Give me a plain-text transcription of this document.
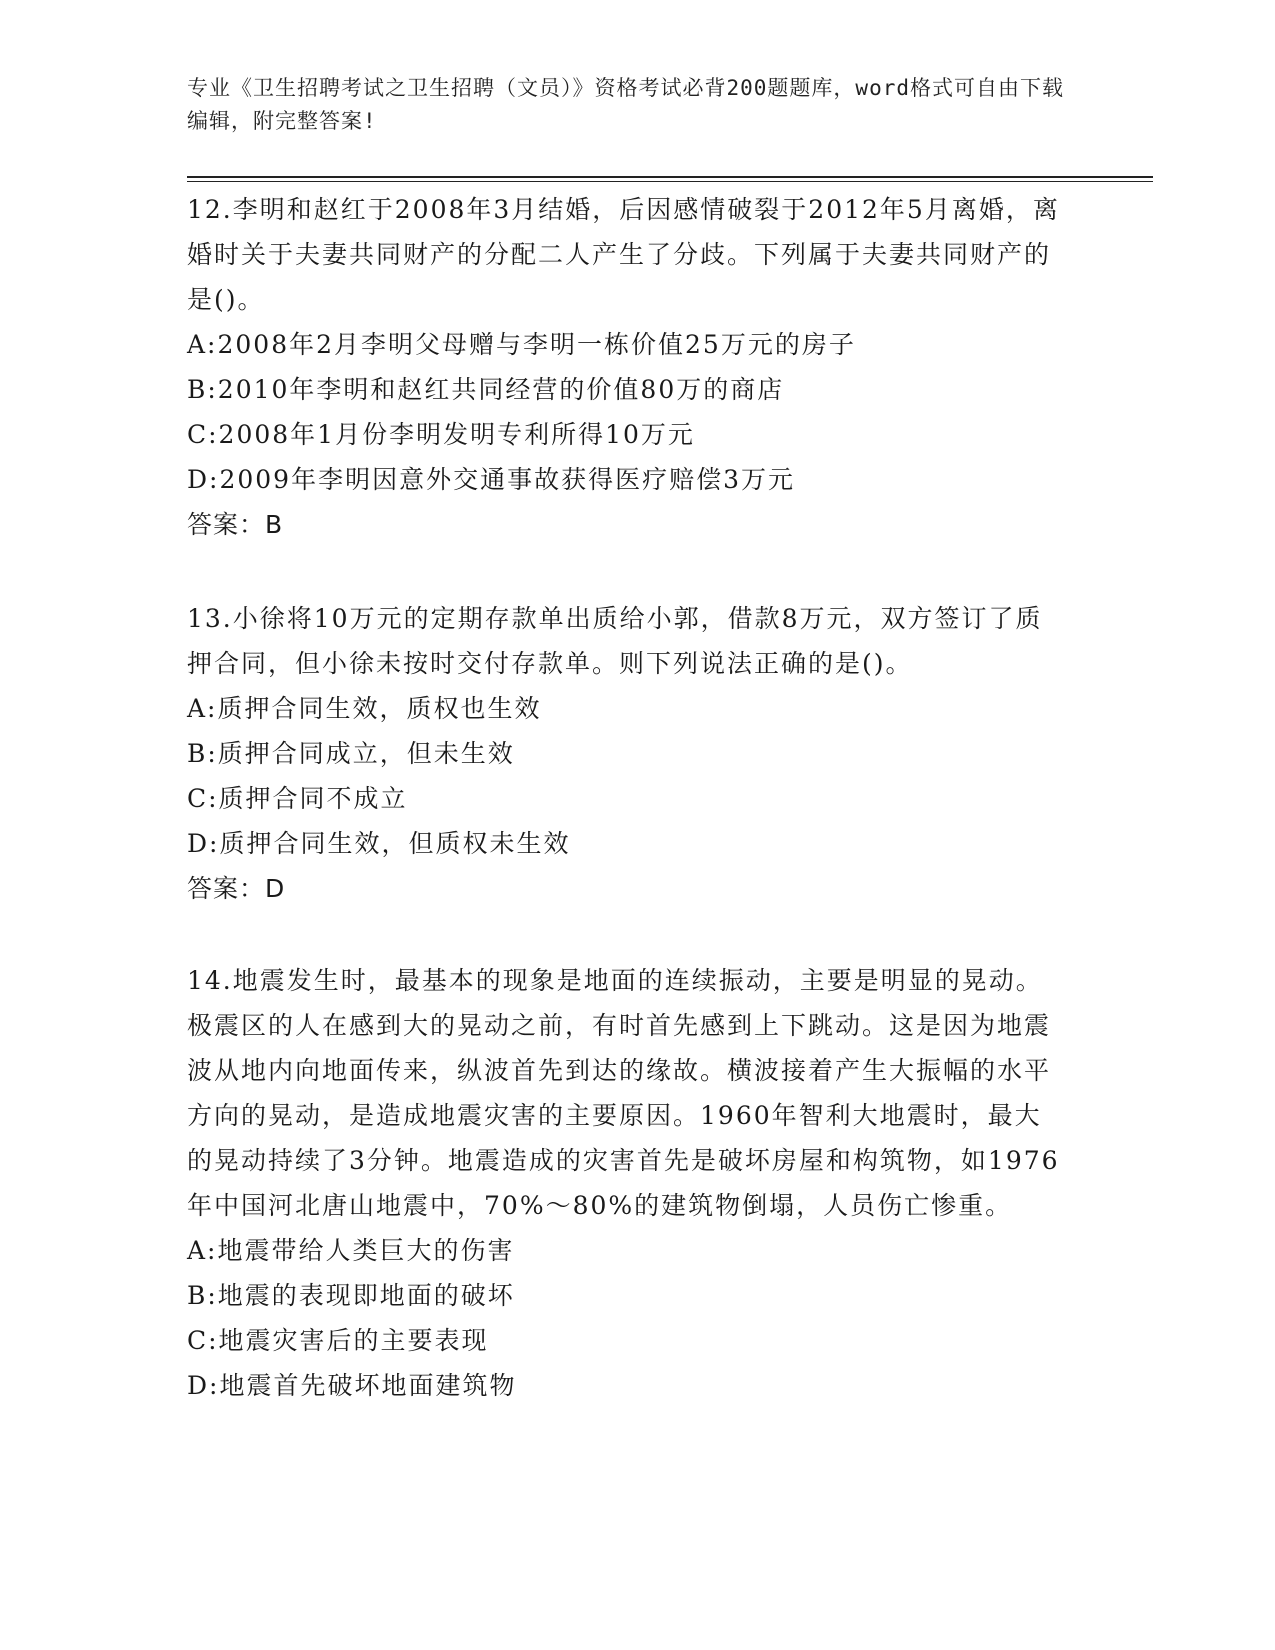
专业《卫生招聘考试之卫生招聘（文员）》资格考试必背200题题库，word格式可自由下载编辑，附完整答案!

12.李明和赵红于2008年3月结婚，后因感情破裂于2012年5月离婚，离婚时关于夫妻共同财产的分配二人产生了分歧。下列属于夫妻共同财产的是()。

A:2008年2月李明父母赠与李明一栋价值25万元的房子

B:2010年李明和赵红共同经营的价值80万的商店

C:2008年1月份李明发明专利所得10万元

D:2009年李明因意外交通事故获得医疗赔偿3万元

答案：B

13.小徐将10万元的定期存款单出质给小郭，借款8万元，双方签订了质押合同，但小徐未按时交付存款单。则下列说法正确的是()。

A:质押合同生效，质权也生效

B:质押合同成立，但未生效

C:质押合同不成立

D:质押合同生效，但质权未生效

答案：D

14.地震发生时，最基本的现象是地面的连续振动，主要是明显的晃动。极震区的人在感到大的晃动之前，有时首先感到上下跳动。这是因为地震波从地内向地面传来，纵波首先到达的缘故。横波接着产生大振幅的水平方向的晃动，是造成地震灾害的主要原因。1960年智利大地震时，最大的晃动持续了3分钟。地震造成的灾害首先是破坏房屋和构筑物，如1976年中国河北唐山地震中，70%～80%的建筑物倒塌，人员伤亡惨重。

A:地震带给人类巨大的伤害

B:地震的表现即地面的破坏

C:地震灾害后的主要表现

D:地震首先破坏地面建筑物
